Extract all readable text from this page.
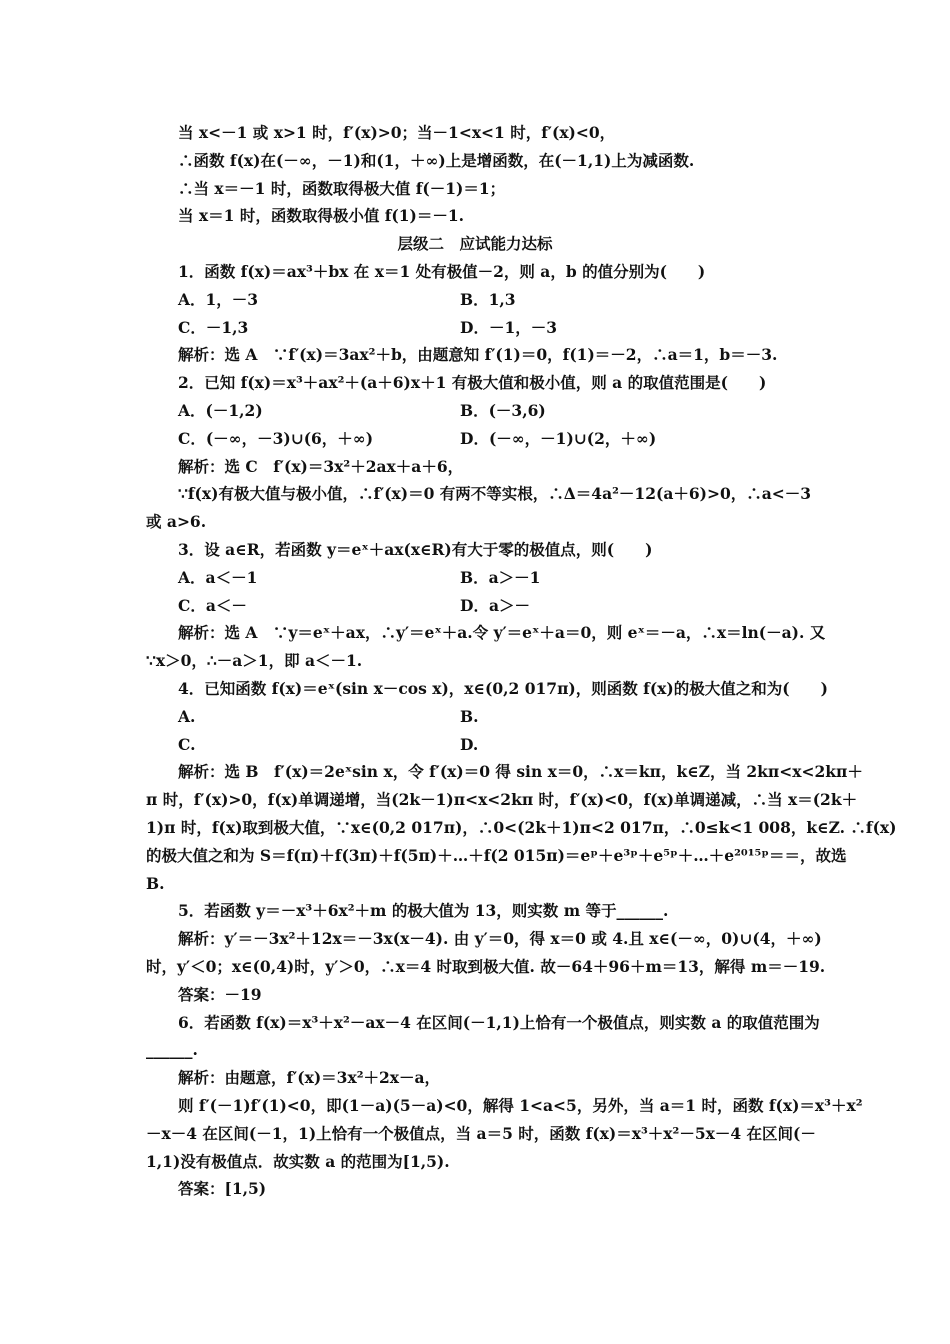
当 x<－1 或 x>1 时，f′(x)>0；当－1<x<1 时，f′(x)<0，
∴函数 f(x)在(－∞，－1)和(1，＋∞)上是增函数，在(－1,1)上为减函数.
∴当 x＝－1 时，函数取得极大值 f(－1)＝1；
当 x＝1 时，函数取得极小值 f(1)＝－1.
层级二　应试能力达标
1．函数 f(x)＝ax³＋bx 在 x＝1 处有极值－2，则 a，b 的值分别为(　　)
A．1，－3	B．1,3
C．－1,3	D．－1，－3
解析：选 A　∵f′(x)＝3ax²＋b，由题意知 f′(1)＝0，f(1)＝－2，∴a＝1，b＝－3.
2．已知 f(x)＝x³＋ax²＋(a＋6)x＋1 有极大值和极小值，则 a 的取值范围是(　　)
A．(－1,2)	B．(－3,6)
C．(－∞，－3)∪(6，＋∞)	D．(－∞，－1)∪(2，＋∞)
解析：选 C　f′(x)＝3x²＋2ax＋a＋6，
∵f(x)有极大值与极小值，∴f′(x)＝0 有两不等实根，∴Δ＝4a²－12(a＋6)>0，∴a<－3
或 a>6.
3．设 a∈R，若函数 y＝eˣ＋ax(x∈R)有大于零的极值点，则(　　)
A．a＜－1	B．a＞－1
C．a＜－	D．a＞－
解析：选 A　∵y＝eˣ＋ax，∴y′＝eˣ＋a.令 y′＝eˣ＋a＝0，则 eˣ＝－a，∴x＝ln(－a). 又
∵x＞0，∴－a＞1，即 a＜－1.
4．已知函数 f(x)＝eˣ(sin x－cos x)，x∈(0,2 017π)，则函数 f(x)的极大值之和为(　　)
A.	B.
C.	D.
解析：选 B　f′(x)＝2eˣsin x，令 f′(x)＝0 得 sin x＝0，∴x＝kπ，k∈Z，当 2kπ<x<2kπ＋
π 时，f′(x)>0，f(x)单调递增，当(2k－1)π<x<2kπ 时，f′(x)<0，f(x)单调递减，∴当 x＝(2k＋
1)π 时，f(x)取到极大值，∵x∈(0,2 017π)，∴0<(2k＋1)π<2 017π，∴0≤k<1 008，k∈Z. ∴f(x)
的极大值之和为 S＝f(π)＋f(3π)＋f(5π)＋…＋f(2 015π)＝eᵖ＋e³ᵖ＋e⁵ᵖ＋…＋e²⁰¹⁵ᵖ＝＝，故选
B.
5．若函数 y＝－x³＋6x²＋m 的极大值为 13，则实数 m 等于______.
解析：y′＝－3x²＋12x＝－3x(x－4). 由 y′＝0，得 x＝0 或 4.且 x∈(－∞，0)∪(4，＋∞)
时，y′＜0；x∈(0,4)时，y′＞0，∴x＝4 时取到极大值. 故－64＋96＋m＝13，解得 m＝－19.
答案：－19
6．若函数 f(x)＝x³＋x²－ax－4 在区间(－1,1)上恰有一个极值点，则实数 a 的取值范围为
______.
解析：由题意，f′(x)＝3x²＋2x－a，
则 f′(－1)f′(1)<0，即(1－a)(5－a)<0，解得 1<a<5，另外，当 a＝1 时，函数 f(x)＝x³＋x²
－x－4 在区间(－1，1)上恰有一个极值点，当 a＝5 时，函数 f(x)＝x³＋x²－5x－4 在区间(－
1,1)没有极值点．故实数 a 的范围为[1,5).
答案：[1,5)
